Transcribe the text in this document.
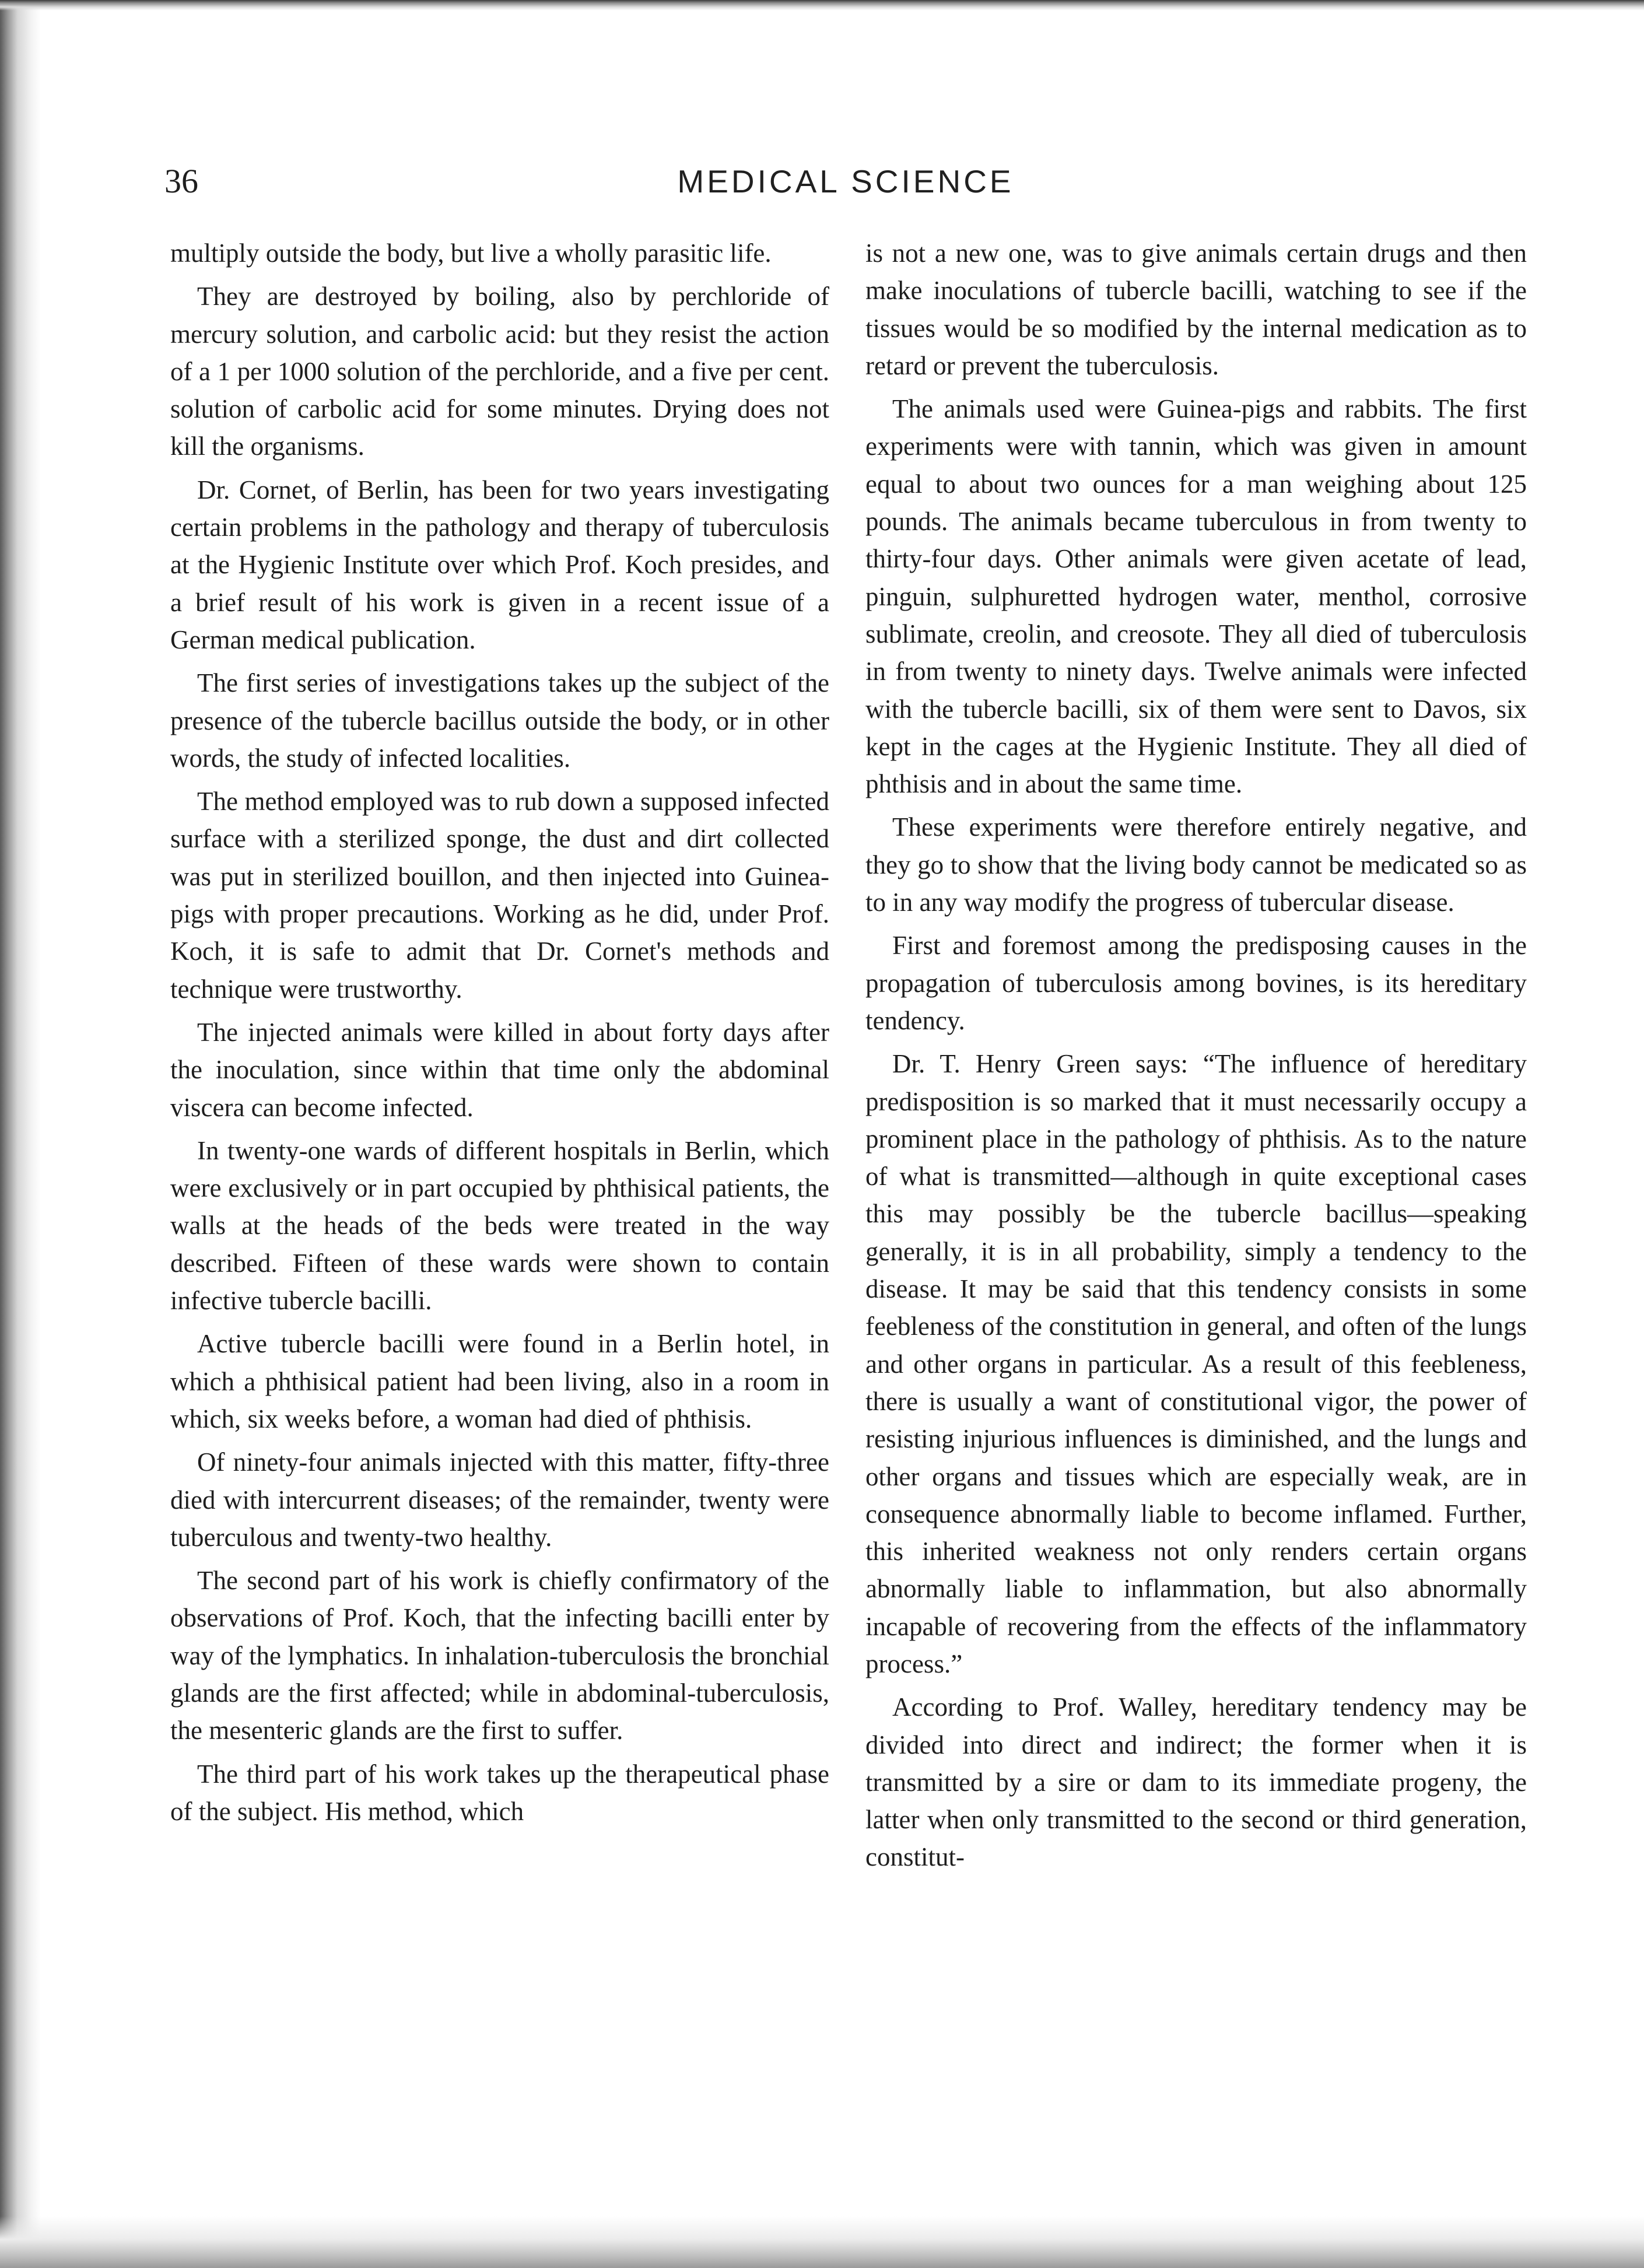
36	MEDICAL SCIENCE

multiply outside the body, but live a wholly parasitic life.

They are destroyed by boiling, also by perchloride of mercury solution, and carbolic acid: but they resist the action of a 1 per 1000 solution of the perchloride, and a five per cent. solution of carbolic acid for some minutes. Drying does not kill the organisms.

Dr. Cornet, of Berlin, has been for two years investigating certain problems in the pathology and therapy of tuberculosis at the Hygienic Institute over which Prof. Koch presides, and a brief result of his work is given in a recent issue of a German medical publication.

The first series of investigations takes up the subject of the presence of the tubercle bacillus outside the body, or in other words, the study of infected localities.

The method employed was to rub down a supposed infected surface with a sterilized sponge, the dust and dirt collected was put in sterilized bouillon, and then injected into Guinea-pigs with proper precautions. Working as he did, under Prof. Koch, it is safe to admit that Dr. Cornet's methods and technique were trustworthy.

The injected animals were killed in about forty days after the inoculation, since within that time only the abdominal viscera can become infected.

In twenty-one wards of different hospitals in Berlin, which were exclusively or in part occupied by phthisical patients, the walls at the heads of the beds were treated in the way described. Fifteen of these wards were shown to contain infective tubercle bacilli.

Active tubercle bacilli were found in a Berlin hotel, in which a phthisical patient had been living, also in a room in which, six weeks before, a woman had died of phthisis.

Of ninety-four animals injected with this matter, fifty-three died with intercurrent diseases; of the remainder, twenty were tuberculous and twenty-two healthy.

The second part of his work is chiefly confirmatory of the observations of Prof. Koch, that the infecting bacilli enter by way of the lymphatics. In inhalation-tuberculosis the bronchial glands are the first affected; while in abdominal-tuberculosis, the mesenteric glands are the first to suffer.

The third part of his work takes up the therapeutical phase of the subject. His method, which

is not a new one, was to give animals certain drugs and then make inoculations of tubercle bacilli, watching to see if the tissues would be so modified by the internal medication as to retard or prevent the tuberculosis.

The animals used were Guinea-pigs and rabbits. The first experiments were with tannin, which was given in amount equal to about two ounces for a man weighing about 125 pounds. The animals became tuberculous in from twenty to thirty-four days. Other animals were given acetate of lead, pinguin, sulphuretted hydrogen water, menthol, corrosive sublimate, creolin, and creosote. They all died of tuberculosis in from twenty to ninety days. Twelve animals were infected with the tubercle bacilli, six of them were sent to Davos, six kept in the cages at the Hygienic Institute. They all died of phthisis and in about the same time.

These experiments were therefore entirely negative, and they go to show that the living body cannot be medicated so as to in any way modify the progress of tubercular disease.

First and foremost among the predisposing causes in the propagation of tuberculosis among bovines, is its hereditary tendency.

Dr. T. Henry Green says: “The influence of hereditary predisposition is so marked that it must necessarily occupy a prominent place in the pathology of phthisis. As to the nature of what is transmitted—although in quite exceptional cases this may possibly be the tubercle bacillus—speaking generally, it is in all probability, simply a tendency to the disease. It may be said that this tendency consists in some feebleness of the constitution in general, and often of the lungs and other organs in particular. As a result of this feebleness, there is usually a want of constitutional vigor, the power of resisting injurious influences is diminished, and the lungs and other organs and tissues which are especially weak, are in consequence abnormally liable to become inflamed. Further, this inherited weakness not only renders certain organs abnormally liable to inflammation, but also abnormally incapable of recovering from the effects of the inflammatory process.”

According to Prof. Walley, hereditary tendency may be divided into direct and indirect; the former when it is transmitted by a sire or dam to its immediate progeny, the latter when only transmitted to the second or third generation, constitut-
